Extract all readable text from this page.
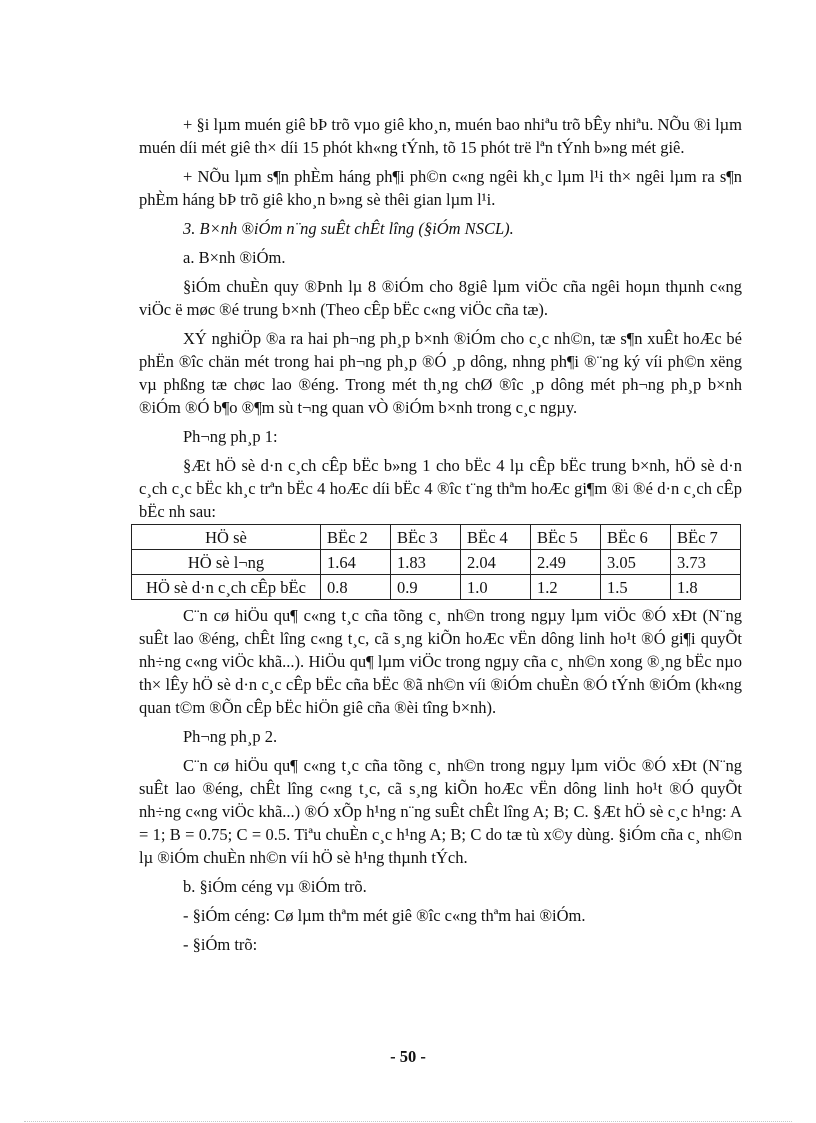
+ §i lµm muén giê bÞ trõ vµo giê kho¸n, muén bao nhiªu trõ bÊy nhiªu. NÕu ®i lµm muén díi mét giê th× díi 15 phót kh«ng tÝnh, tõ 15 phót trë lªn tÝnh b»ng mét giê.

+ NÕu lµm s¶n phÈm háng ph¶i ph©n c«ng ngêi kh¸c lµm l¹i th× ngêi lµm ra s¶n phÈm háng bÞ trõ giê kho¸n b»ng sè thêi gian lµm l¹i.

3. B×nh ®iÓm n¨ng suÊt chÊt lîng (§iÓm NSCL).

a. B×nh ®iÓm.

§iÓm chuÈn quy ®Þnh lµ 8 ®iÓm cho 8giê lµm viÖc cña ngêi hoµn thµnh c«ng viÖc ë møc ®é trung b×nh (Theo cÊp bËc c«ng viÖc cña tæ).

XÝ nghiÖp ®a ra hai ph¬ng ph¸p b×nh ®iÓm cho c¸c nh©n, tæ s¶n xuÊt hoÆc bé phËn ®îc chän mét trong hai ph¬ng ph¸p ®Ó ¸p dông, nhng ph¶i ®¨ng ký víi ph©n xëng vµ phßng tæ chøc lao ®éng. Trong mét th¸ng chØ ®îc ¸p dông mét ph¬ng ph¸p b×nh ®iÓm ®Ó b¶o ®¶m sù t¬ng quan vÒ ®iÓm b×nh trong c¸c ngµy.

Ph¬ng ph¸p 1:

§Æt hÖ sè d·n c¸ch cÊp bËc b»ng 1 cho bËc 4 lµ cÊp bËc trung b×nh, hÖ sè d·n c¸ch c¸c bËc kh¸c trªn bËc 4 hoÆc díi bËc 4 ®îc t¨ng thªm hoÆc gi¶m ®i ®é d·n c¸ch cÊp bËc nh sau:

HÖ sè	BËc 2	BËc 3	BËc 4	BËc 5	BËc 6	BËc 7
HÖ sè l¬ng	1.64	1.83	2.04	2.49	3.05	3.73
HÖ sè d·n c¸ch cÊp bËc	0.8	0.9	1.0	1.2	1.5	1.8

C¨n cø hiÖu qu¶ c«ng t¸c cña tõng c¸ nh©n trong ngµy lµm viÖc ®Ó xÐt (N¨ng suÊt lao ®éng, chÊt lîng c«ng t¸c, cã s¸ng kiÕn hoÆc vËn dông linh ho¹t ®Ó gi¶i quyÕt nh÷ng c«ng viÖc khã...). HiÖu qu¶ lµm viÖc trong ngµy cña c¸ nh©n xong ®¸ng bËc nµo th× lÊy hÖ sè d·n c¸c cÊp bËc cña bËc ®ã nh©n víi ®iÓm chuÈn ®Ó tÝnh ®iÓm (kh«ng quan t©m ®Õn cÊp bËc hiÖn giê cña ®èi tîng b×nh).

Ph¬ng ph¸p 2.

C¨n cø hiÖu qu¶ c«ng t¸c cña tõng c¸ nh©n trong ngµy lµm viÖc ®Ó xÐt (N¨ng suÊt lao ®éng, chÊt lîng c«ng t¸c, cã s¸ng kiÕn hoÆc vËn dông linh ho¹t ®Ó quyÕt nh÷ng c«ng viÖc khã...) ®Ó xÕp h¹ng n¨ng suÊt chÊt lîng A; B; C. §Æt hÖ sè c¸c h¹ng: A = 1; B = 0.75; C = 0.5. Tiªu chuÈn c¸c h¹ng A; B; C do tæ tù x©y dùng. §iÓm cña c¸ nh©n lµ ®iÓm chuÈn nh©n víi hÖ sè h¹ng thµnh tÝch.

b. §iÓm céng vµ ®iÓm trõ.

- §iÓm céng: Cø lµm thªm mét giê ®îc c«ng thªm hai ®iÓm.

- §iÓm trõ:

- 50 -
